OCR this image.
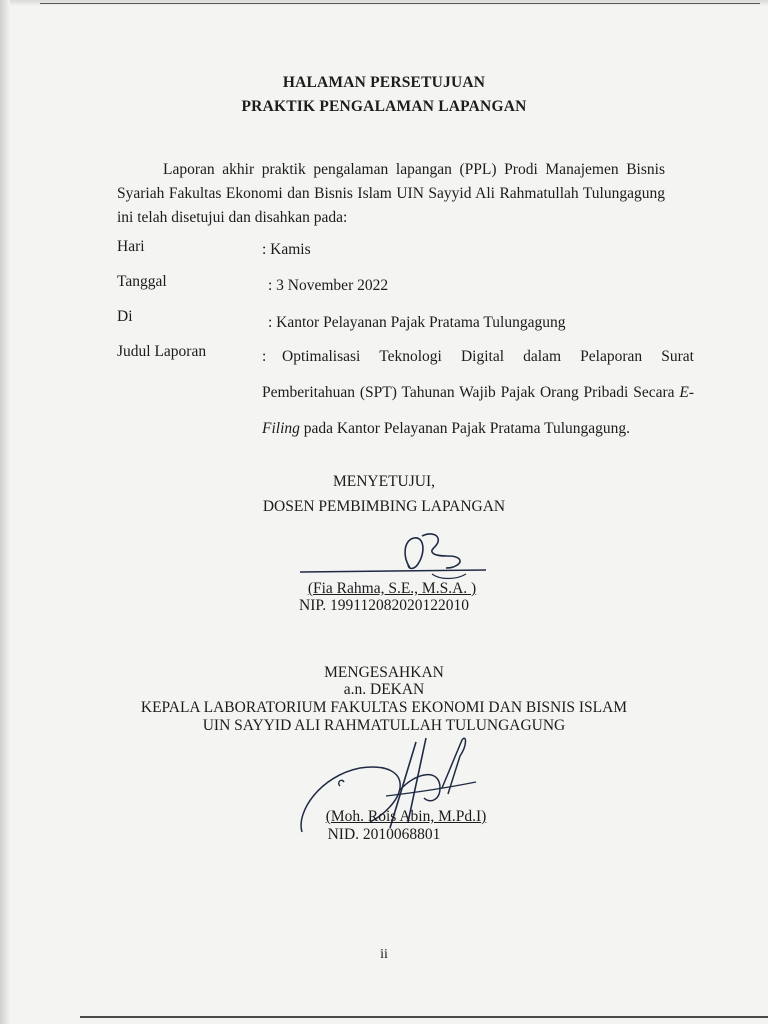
HALAMAN PERSETUJUAN
PRAKTIK PENGALAMAN LAPANGAN
Laporan akhir praktik pengalaman lapangan (PPL) Prodi Manajemen Bisnis
Syariah Fakultas Ekonomi dan Bisnis Islam UIN Sayyid Ali Rahmatullah Tulungagung
ini telah disetujui dan disahkan pada:
Hari	: Kamis
Tanggal	: 3 November 2022
Di	: Kantor Pelayanan Pajak Pratama Tulungagung
Judul Laporan	: Optimalisasi Teknologi Digital dalam Pelaporan Surat
Pemberitahuan (SPT) Tahunan Wajib Pajak Orang Pribadi Secara E-
Filing pada Kantor Pelayanan Pajak Pratama Tulungagung.
MENYETUJUI,
DOSEN PEMBIMBING LAPANGAN
(Fia Rahma, S.E., M.S.A. )
NIP. 199112082020122010
MENGESAHKAN
a.n. DEKAN
KEPALA LABORATORIUM FAKULTAS EKONOMI DAN BISNIS ISLAM
UIN SAYYID ALI RAHMATULLAH TULUNGAGUNG
(Moh. Rois Abin, M.Pd.I)
NID. 2010068801
ii
